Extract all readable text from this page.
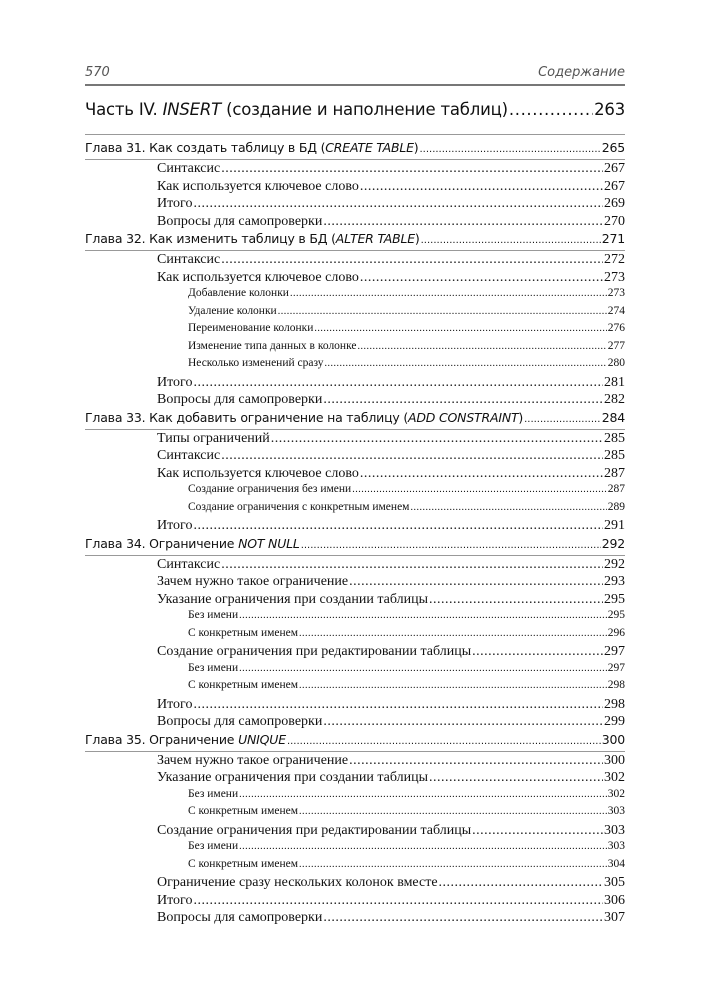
570	Содержание
Часть IV. INSERT (создание и наполнение таблиц) .....	263
Глава 31. Как создать таблицу в БД (CREATE TABLE) .....	265
Синтаксис .....	267
Как используется ключевое слово .....	267
Итого .....	269
Вопросы для самопроверки .....	270
Глава 32. Как изменить таблицу в БД (ALTER TABLE) .....	271
Синтаксис .....	272
Как используется ключевое слово .....	273
Добавление колонки .....	273
Удаление колонки .....	274
Переименование колонки .....	276
Изменение типа данных в колонке .....	277
Несколько изменений сразу .....	280
Итого .....	281
Вопросы для самопроверки .....	282
Глава 33. Как добавить ограничение на таблицу (ADD CONSTRAINT) .....	284
Типы ограничений .....	285
Синтаксис .....	285
Как используется ключевое слово .....	287
Создание ограничения без имени .....	287
Создание ограничения с конкретным именем .....	289
Итого .....	291
Глава 34. Ограничение NOT NULL .....	292
Синтаксис .....	292
Зачем нужно такое ограничение .....	293
Указание ограничения при создании таблицы .....	295
Без имени .....	295
С конкретным именем .....	296
Создание ограничения при редактировании таблицы .....	297
Без имени .....	297
С конкретным именем .....	298
Итого .....	298
Вопросы для самопроверки .....	299
Глава 35. Ограничение UNIQUE .....	300
Зачем нужно такое ограничение .....	300
Указание ограничения при создании таблицы .....	302
Без имени .....	302
С конкретным именем .....	303
Создание ограничения при редактировании таблицы .....	303
Без имени .....	303
С конкретным именем .....	304
Ограничение сразу нескольких колонок вместе .....	305
Итого .....	306
Вопросы для самопроверки .....	307
